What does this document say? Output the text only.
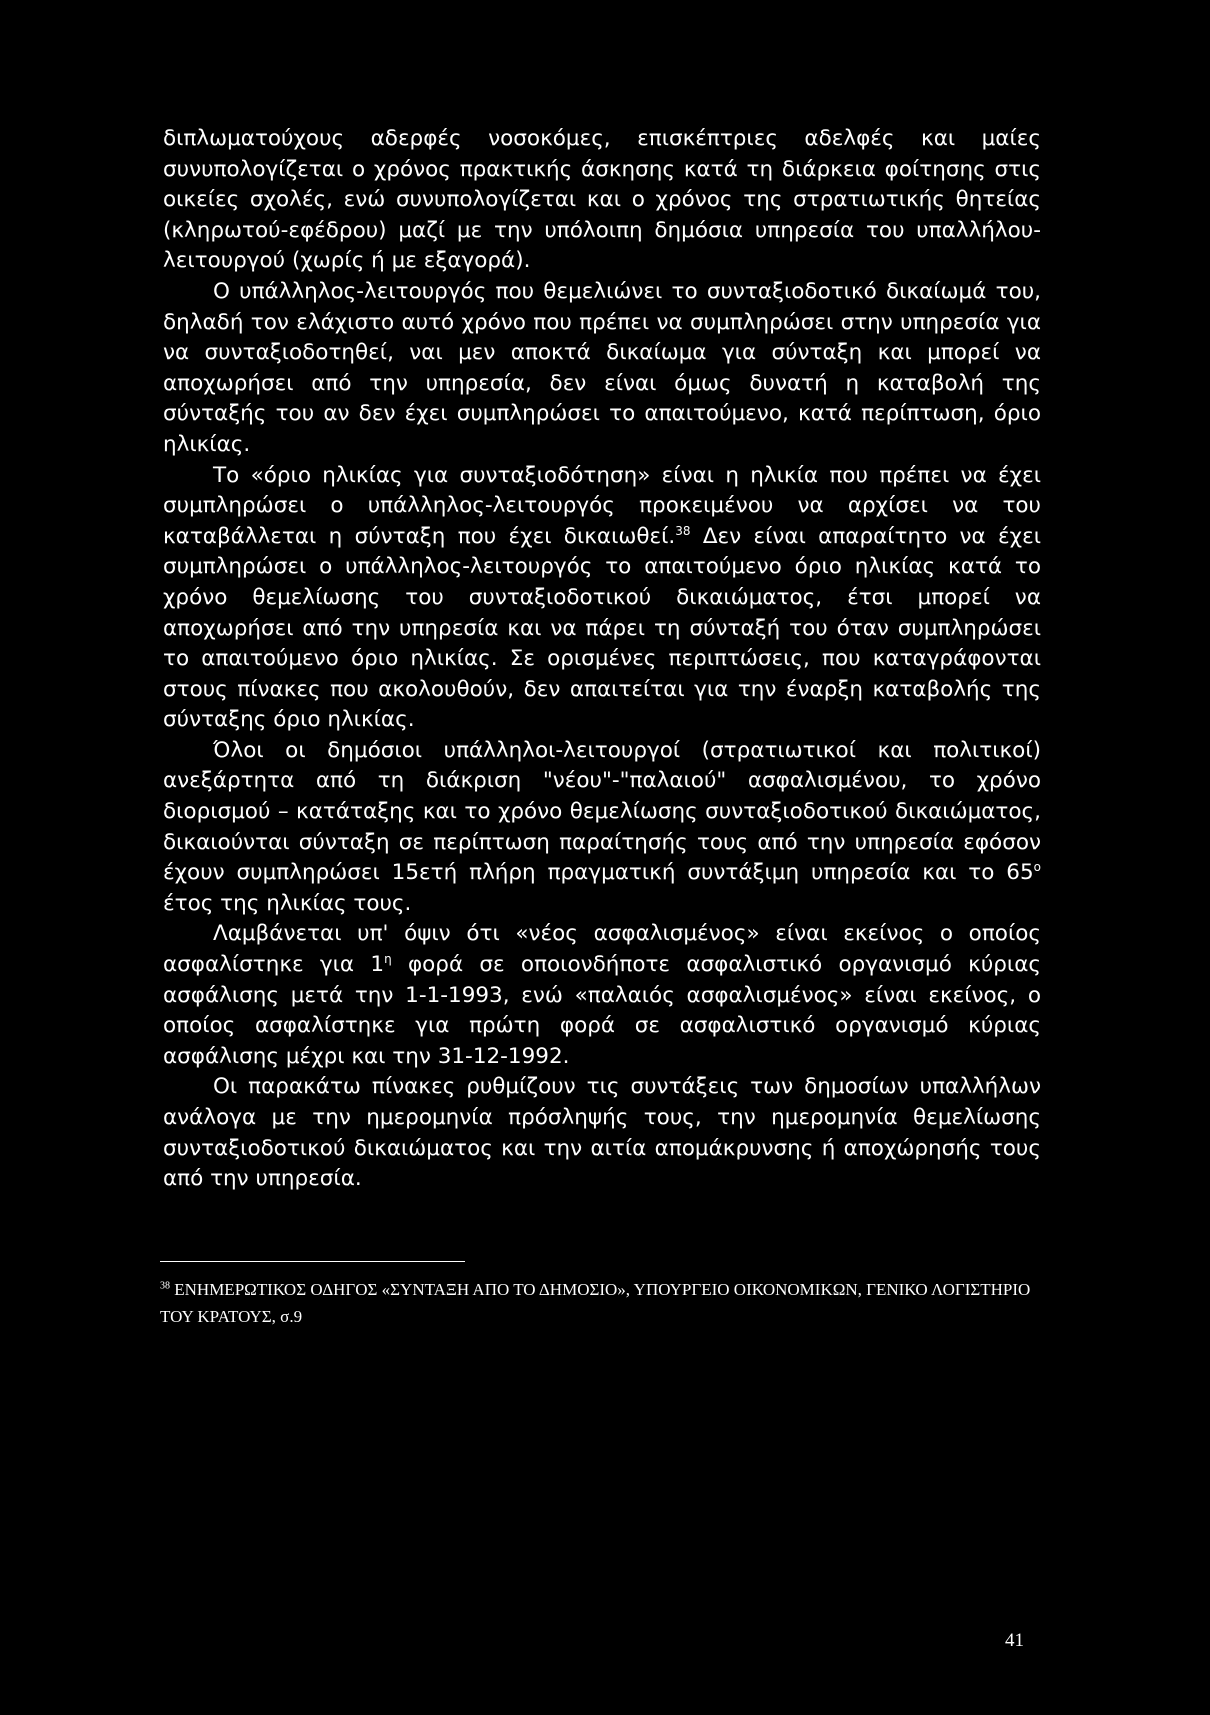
διπλωματούχους αδερφές νοσοκόμες, επισκέπτριες αδελφές και μαίες συνυπολογίζεται ο χρόνος πρακτικής άσκησης κατά τη διάρκεια φοίτησης στις οικείες σχολές, ενώ συνυπολογίζεται και ο χρόνος της στρατιωτικής θητείας (κληρωτού-εφέδρου) μαζί με την υπόλοιπη δημόσια υπηρεσία του υπαλλήλου-λειτουργού (χωρίς ή με εξαγορά).

Ο υπάλληλος-λειτουργός που θεμελιώνει το συνταξιοδοτικό δικαίωμά του, δηλαδή τον ελάχιστο αυτό χρόνο που πρέπει να συμπληρώσει στην υπηρεσία για να συνταξιοδοτηθεί, ναι μεν αποκτά δικαίωμα για σύνταξη και μπορεί να αποχωρήσει από την υπηρεσία, δεν είναι όμως δυνατή η καταβολή της σύνταξής του αν δεν έχει συμπληρώσει το απαιτούμενο, κατά περίπτωση, όριο ηλικίας.

Το «όριο ηλικίας για συνταξιοδότηση» είναι η ηλικία που πρέπει να έχει συμπληρώσει ο υπάλληλος-λειτουργός προκειμένου να αρχίσει να του καταβάλλεται η σύνταξη που έχει δικαιωθεί.$^{38}$ Δεν είναι απαραίτητο να έχει συμπληρώσει ο υπάλληλος-λειτουργός το απαιτούμενο όριο ηλικίας κατά το χρόνο θεμελίωσης του συνταξιοδοτικού δικαιώματος, έτσι μπορεί να αποχωρήσει από την υπηρεσία και να πάρει τη σύνταξή του όταν συμπληρώσει το απαιτούμενο όριο ηλικίας. Σε ορισμένες περιπτώσεις, που καταγράφονται στους πίνακες που ακολουθούν, δεν απαιτείται για την έναρξη καταβολής της σύνταξης όριο ηλικίας.

Όλοι οι δημόσιοι υπάλληλοι-λειτουργοί (στρατιωτικοί και πολιτικοί) ανεξάρτητα από τη διάκριση "νέου"-"παλαιού" ασφαλισμένου, το χρόνο διορισμού – κατάταξης και το χρόνο θεμελίωσης συνταξιοδοτικού δικαιώματος, δικαιούνται σύνταξη σε περίπτωση παραίτησής τους από την υπηρεσία εφόσον έχουν συμπληρώσει 15ετή πλήρη πραγματική συντάξιμη υπηρεσία και το $65^o$ έτος της ηλικίας τους.

Λαμβάνεται υπ' όψιν ότι «νέος ασφαλισμένος» είναι εκείνος ο οποίος ασφαλίστηκε για $1^\eta$ φορά σε οποιονδήποτε ασφαλιστικό οργανισμό κύριας ασφάλισης μετά την 1-1-1993, ενώ «παλαιός ασφαλισμένος» είναι εκείνος, ο οποίος ασφαλίστηκε για πρώτη φορά σε ασφαλιστικό οργανισμό κύριας ασφάλισης μέχρι και την 31-12-1992.

Οι παρακάτω πίνακες ρυθμίζουν τις συντάξεις των δημοσίων υπαλλήλων ανάλογα με την ημερομηνία πρόσληψής τους, την ημερομηνία θεμελίωσης συνταξιοδοτικού δικαιώματος και την αιτία απομάκρυνσης ή αποχώρησής τους από την υπηρεσία.

$^{38}$ ΕΝΗΜΕΡΩΤΙΚΟΣ ΟΔΗΓΟΣ «ΣΥΝΤΑΞΗ ΑΠΟ ΤΟ ΔΗΜΟΣΙΟ», ΥΠΟΥΡΓΕΙΟ ΟΙΚΟΝΟΜΙΚΩΝ, ΓΕΝΙΚΟ ΛΟΓΙΣΤΗΡΙΟ ΤΟΥ ΚΡΑΤΟΥΣ, σ.9
41
